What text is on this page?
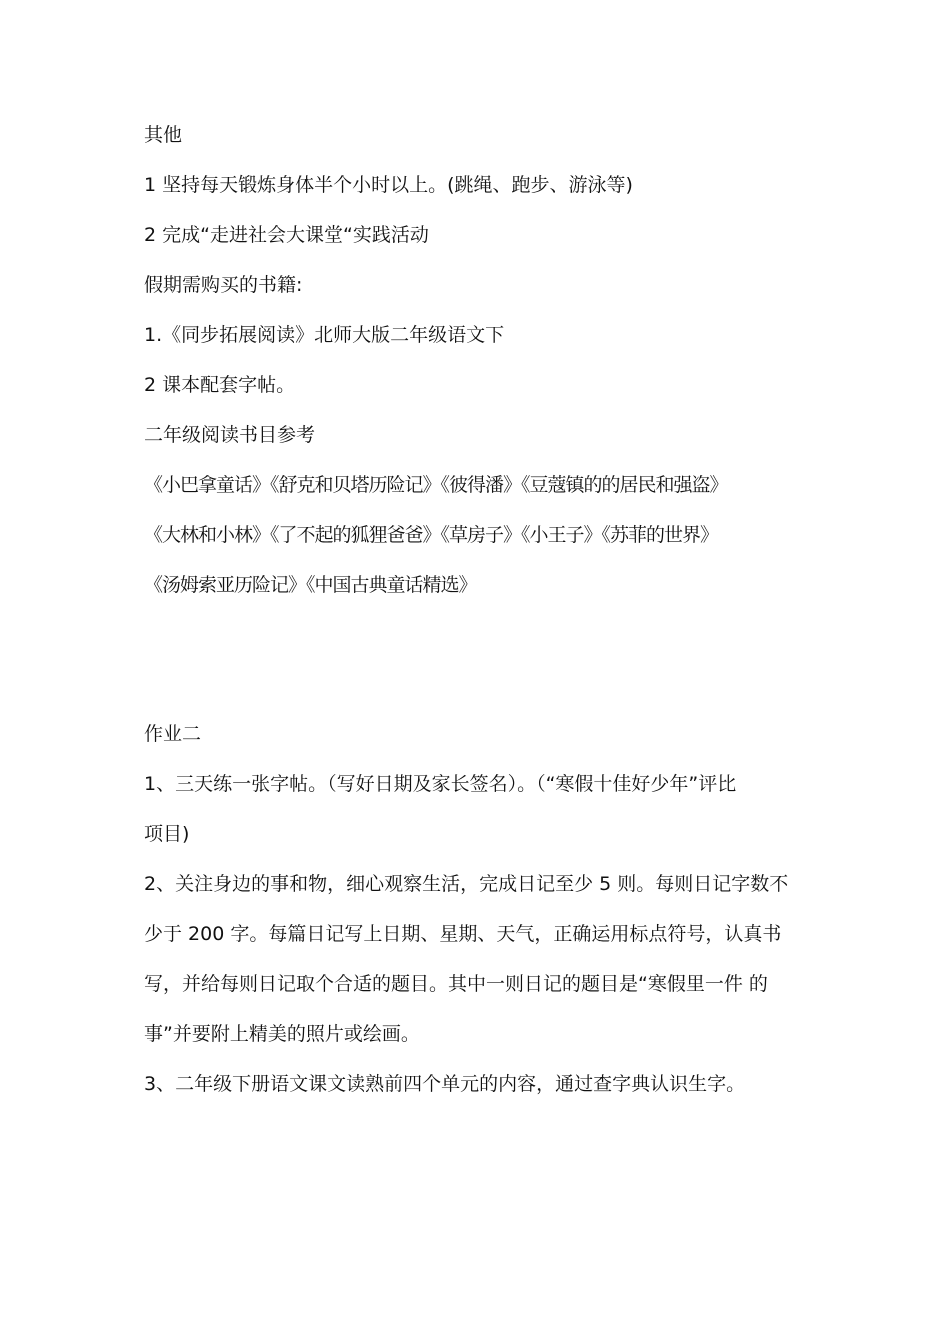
其他
1 坚持每天锻炼身体半个小时以上。(跳绳、跑步、游泳等)
2 完成“走进社会大课堂“实践活动
假期需购买的书籍:
1.《同步拓展阅读》北师大版二年级语文下
2 课本配套字帖。
二年级阅读书目参考
《小巴拿童话》《舒克和贝塔历险记》《彼得潘》《豆蔻镇的的居民和强盗》
《大林和小林》《了不起的狐狸爸爸》《草房子》《小王子》《苏菲的世界》
《汤姆索亚历险记》《中国古典童话精选》
作业二
1、三天练一张字帖。（写好日期及家长签名）。（“寒假十佳好少年”评比
项目)
2、关注身边的事和物，细心观察生活，完成日记至少 5 则。每则日记字数不
少于 200 字。每篇日记写上日期、星期、天气，正确运用标点符号，认真书
写，并给每则日记取个合适的题目。其中一则日记的题目是“寒假里一件 的
事”并要附上精美的照片或绘画。
3、二年级下册语文课文读熟前四个单元的内容，通过查字典认识生字。
